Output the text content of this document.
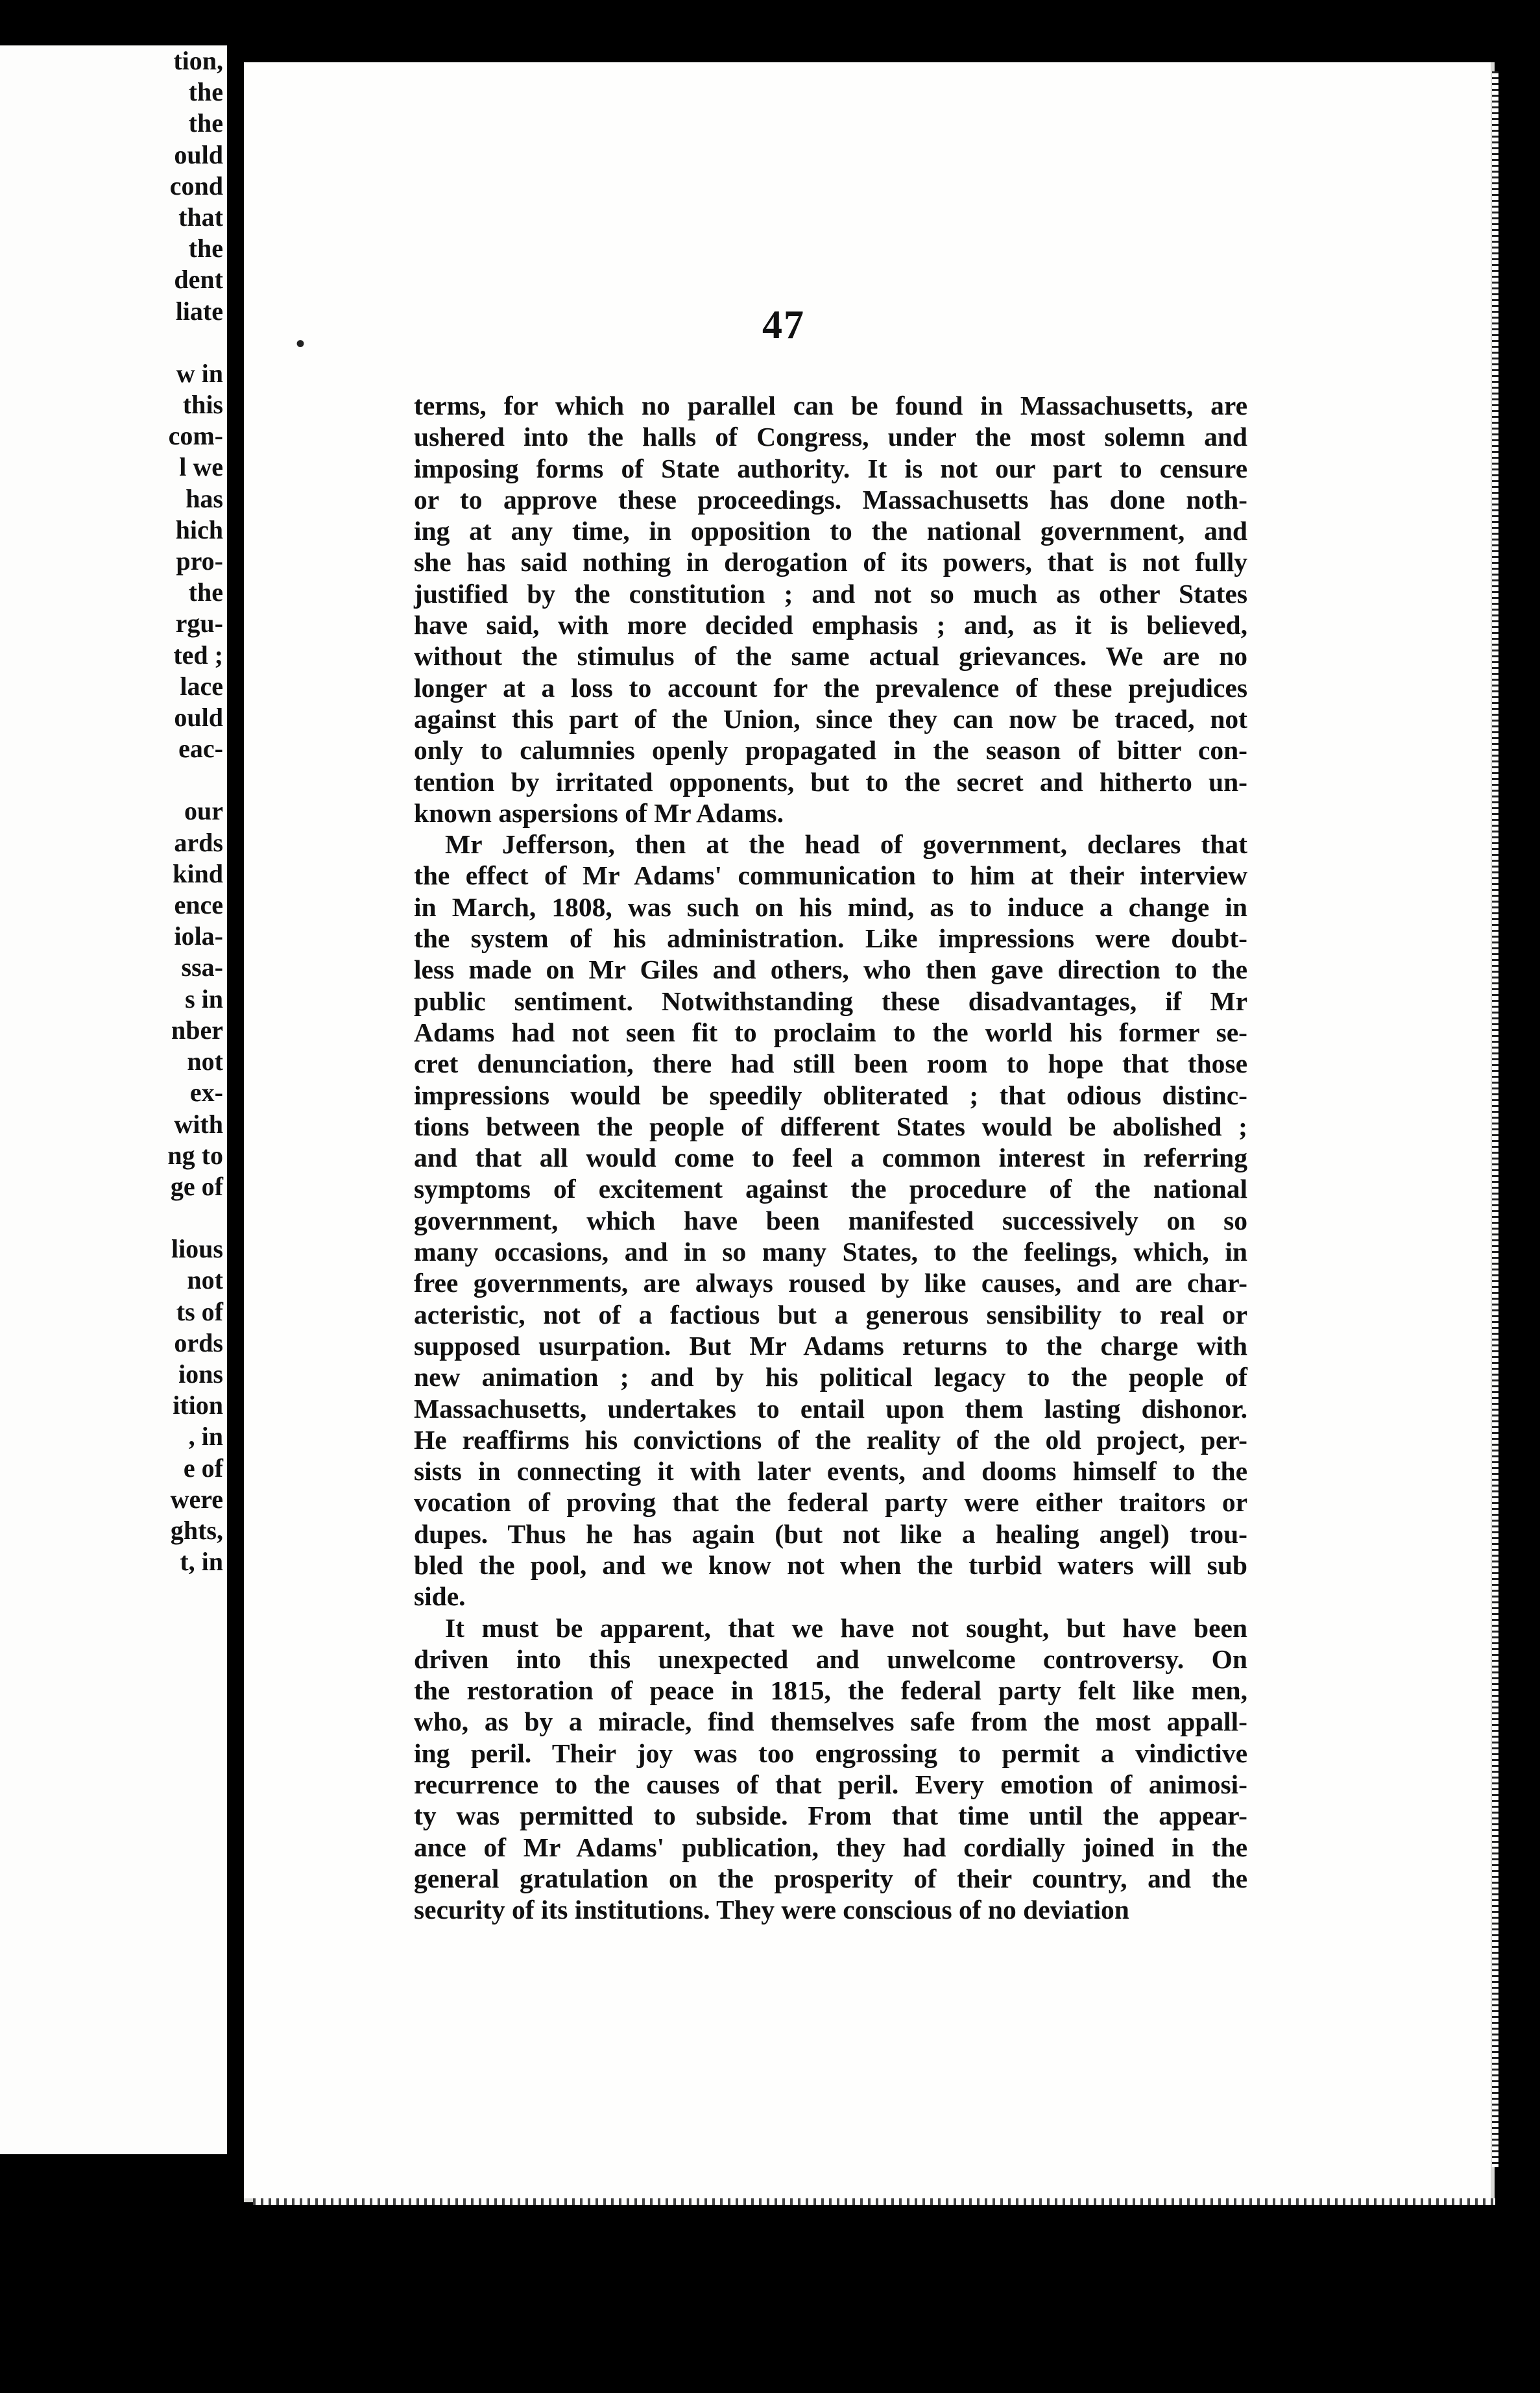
tion,
the
the
ould
cond
that
the
dent
liate
w in
this
com-
l we
has
hich
pro-
the
rgu-
ted ;
lace
ould
eac-
our
ards
kind
ence
iola-
ssa-
s in
nber
not
ex-
with
ng to
ge of
lious
not
ts of
ords
ions
ition
, in
e of
were
ghts,
t, in
47
terms, for which no parallel can be found in Massachusetts, are
ushered into the halls of Congress, under the most solemn and
imposing forms of State authority. It is not our part to censure
or to approve these proceedings. Massachusetts has done noth-
ing at any time, in opposition to the national government, and
she has said nothing in derogation of its powers, that is not fully
justified by the constitution ; and not so much as other States
have said, with more decided emphasis ; and, as it is believed,
without the stimulus of the same actual grievances. We are no
longer at a loss to account for the prevalence of these prejudices
against this part of the Union, since they can now be traced, not
only to calumnies openly propagated in the season of bitter con-
tention by irritated opponents, but to the secret and hitherto un-
known aspersions of Mr Adams.
Mr Jefferson, then at the head of government, declares that
the effect of Mr Adams' communication to him at their interview
in March, 1808, was such on his mind, as to induce a change in
the system of his administration. Like impressions were doubt-
less made on Mr Giles and others, who then gave direction to the
public sentiment. Notwithstanding these disadvantages, if Mr
Adams had not seen fit to proclaim to the world his former se-
cret denunciation, there had still been room to hope that those
impressions would be speedily obliterated ; that odious distinc-
tions between the people of different States would be abolished ;
and that all would come to feel a common interest in referring
symptoms of excitement against the procedure of the national
government, which have been manifested successively on so
many occasions, and in so many States, to the feelings, which, in
free governments, are always roused by like causes, and are char-
acteristic, not of a factious but a generous sensibility to real or
supposed usurpation. But Mr Adams returns to the charge with
new animation ; and by his political legacy to the people of
Massachusetts, undertakes to entail upon them lasting dishonor.
He reaffirms his convictions of the reality of the old project, per-
sists in connecting it with later events, and dooms himself to the
vocation of proving that the federal party were either traitors or
dupes. Thus he has again (but not like a healing angel) trou-
bled the pool, and we know not when the turbid waters will sub
side.
It must be apparent, that we have not sought, but have been
driven into this unexpected and unwelcome controversy. On
the restoration of peace in 1815, the federal party felt like men,
who, as by a miracle, find themselves safe from the most appall-
ing peril. Their joy was too engrossing to permit a vindictive
recurrence to the causes of that peril. Every emotion of animosi-
ty was permitted to subside. From that time until the appear-
ance of Mr Adams' publication, they had cordially joined in the
general gratulation on the prosperity of their country, and the
security of its institutions. They were conscious of no deviation
•
